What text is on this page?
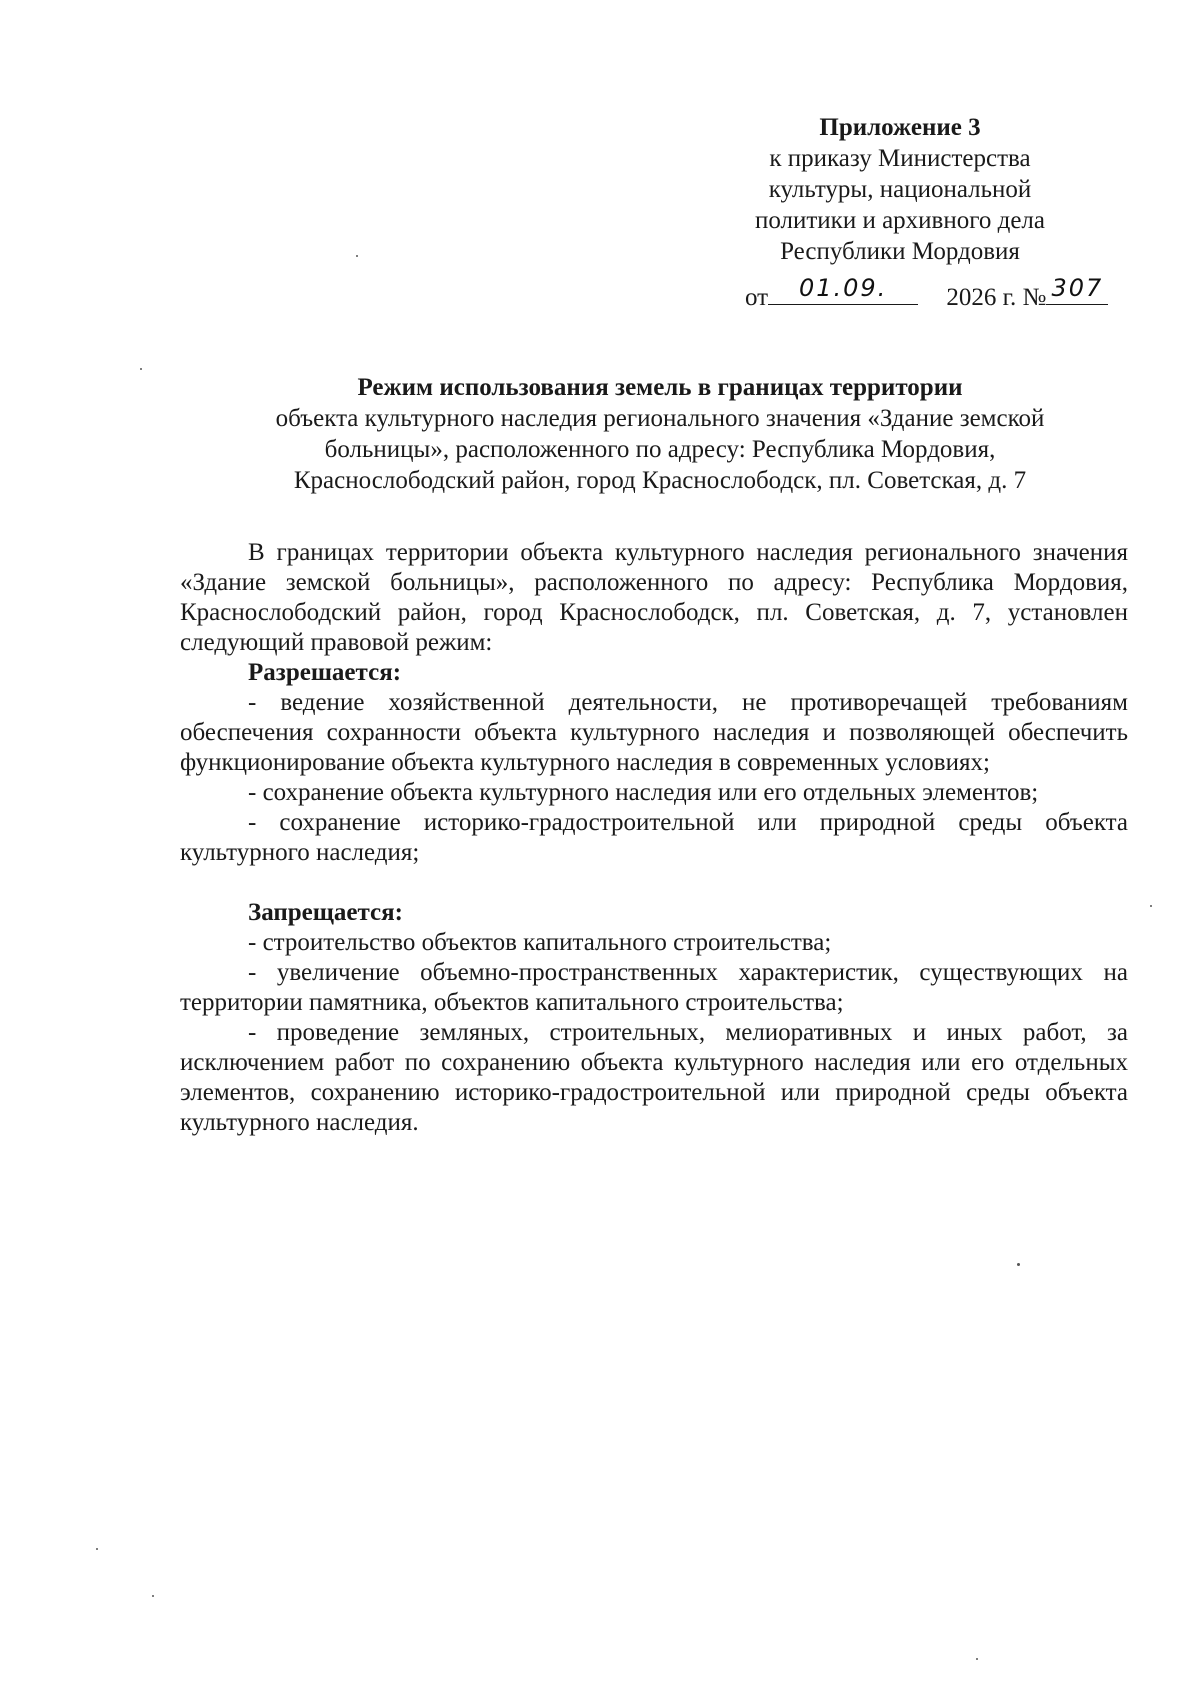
Приложение 3
к приказу Министерства
культуры, национальной
политики и архивного дела
Республики Мордовия
от	01.09.	2026 г. № 307
Режим использования земель в границах территории
объекта культурного наследия регионального значения «Здание земской
больницы», расположенного по адресу: Республика Мордовия,
Краснослободский район, город Краснослободск, пл. Советская, д. 7

В границах территории объекта культурного наследия регионального значения «Здание земской больницы», расположенного по адресу: Республика Мордовия, Краснослободский район, город Краснослободск, пл. Советская, д. 7, установлен следующий правовой режим:

Разрешается:

- ведение хозяйственной деятельности, не противоречащей требованиям обеспечения сохранности объекта культурного наследия и позволяющей обеспечить функционирование объекта культурного наследия в современных условиях;

- сохранение объекта культурного наследия или его отдельных элементов;

- сохранение историко-градостроительной или природной среды объекта культурного наследия;

Запрещается:

- строительство объектов капитального строительства;

- увеличение объемно-пространственных характеристик, существующих на территории памятника, объектов капитального строительства;

- проведение земляных, строительных, мелиоративных и иных работ, за исключением работ по сохранению объекта культурного наследия или его отдельных элементов, сохранению историко-градостроительной или природной среды объекта культурного наследия.
